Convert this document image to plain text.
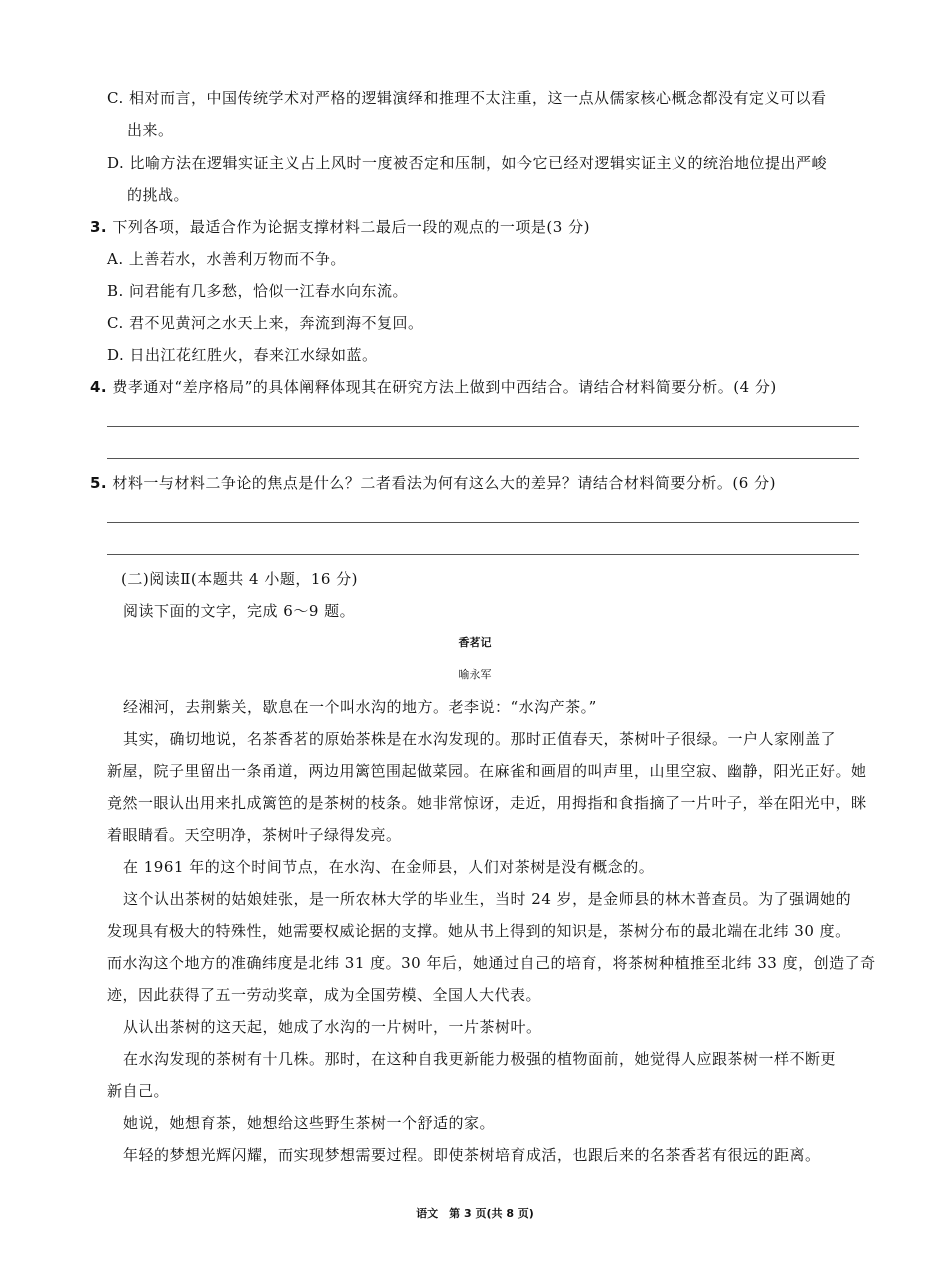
C. 相对而言，中国传统学术对严格的逻辑演绎和推理不太注重，这一点从儒家核心概念都没有定义可以看
出来。
D. 比喻方法在逻辑实证主义占上风时一度被否定和压制，如今它已经对逻辑实证主义的统治地位提出严峻
的挑战。
3. 下列各项，最适合作为论据支撑材料二最后一段的观点的一项是(3 分)
A. 上善若水，水善利万物而不争。
B. 问君能有几多愁，恰似一江春水向东流。
C. 君不见黄河之水天上来，奔流到海不复回。
D. 日出江花红胜火，春来江水绿如蓝。
4. 费孝通对“差序格局”的具体阐释体现其在研究方法上做到中西结合。请结合材料简要分析。(4 分)
5. 材料一与材料二争论的焦点是什么？二者看法为何有这么大的差异？请结合材料简要分析。(6 分)
(二)阅读Ⅱ(本题共 4 小题，16 分)
阅读下面的文字，完成 6～9 题。
香茗记
喻永军
经湘河，去荆紫关，歇息在一个叫水沟的地方。老李说：“水沟产茶。”
其实，确切地说，名茶香茗的原始茶株是在水沟发现的。那时正值春天，茶树叶子很绿。一户人家刚盖了
新屋，院子里留出一条甬道，两边用篱笆围起做菜园。在麻雀和画眉的叫声里，山里空寂、幽静，阳光正好。她
竟然一眼认出用来扎成篱笆的是茶树的枝条。她非常惊讶，走近，用拇指和食指摘了一片叶子，举在阳光中，眯
着眼睛看。天空明净，茶树叶子绿得发亮。
在 1961 年的这个时间节点，在水沟、在金师县，人们对茶树是没有概念的。
这个认出茶树的姑娘娃张，是一所农林大学的毕业生，当时 24 岁，是金师县的林木普查员。为了强调她的
发现具有极大的特殊性，她需要权威论据的支撑。她从书上得到的知识是，茶树分布的最北端在北纬 30 度。
而水沟这个地方的准确纬度是北纬 31 度。30 年后，她通过自己的培育，将茶树种植推至北纬 33 度，创造了奇
迹，因此获得了五一劳动奖章，成为全国劳模、全国人大代表。
从认出茶树的这天起，她成了水沟的一片树叶，一片茶树叶。
在水沟发现的茶树有十几株。那时，在这种自我更新能力极强的植物面前，她觉得人应跟茶树一样不断更
新自己。
她说，她想育茶，她想给这些野生茶树一个舒适的家。
年轻的梦想光辉闪耀，而实现梦想需要过程。即使茶树培育成活，也跟后来的名茶香茗有很远的距离。
语文　第 3 页(共 8 页)
